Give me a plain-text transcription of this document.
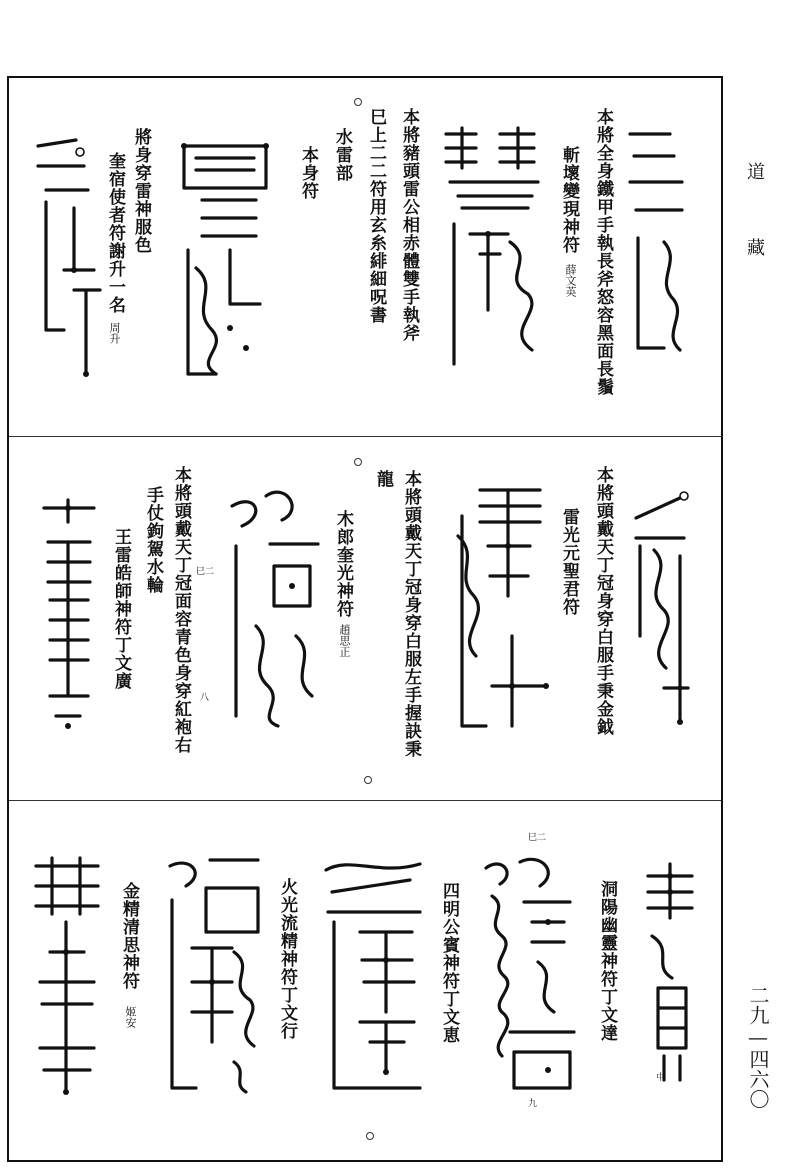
道
藏
二九—四六〇
本將全身鐵甲手執長斧怒容黑面長鬚
斬壞變現神符
薛文英
本將豬頭雷公相赤體雙手執斧
巳上二二符用玄糸緋細呪書
水雷部
本身符
將身穿雷神服色
奎宿使者符謝升一名
周升
本將頭戴天丁冠身穿白服手秉金鉞
雷光元聖君符
本將頭戴天丁冠身穿白服左手握訣秉
龍
木郎奎光神符
趙思正
本將頭戴天丁冠面容青色身穿紅袍右 巳二
八
手仗鉤駕水輪
王雷皓師神符丁文廣
洞陽幽靈神符丁文達
巳二
九
中
四明公賓神符丁文恵
火光流精神符丁文行
金精清思神符
姬安
